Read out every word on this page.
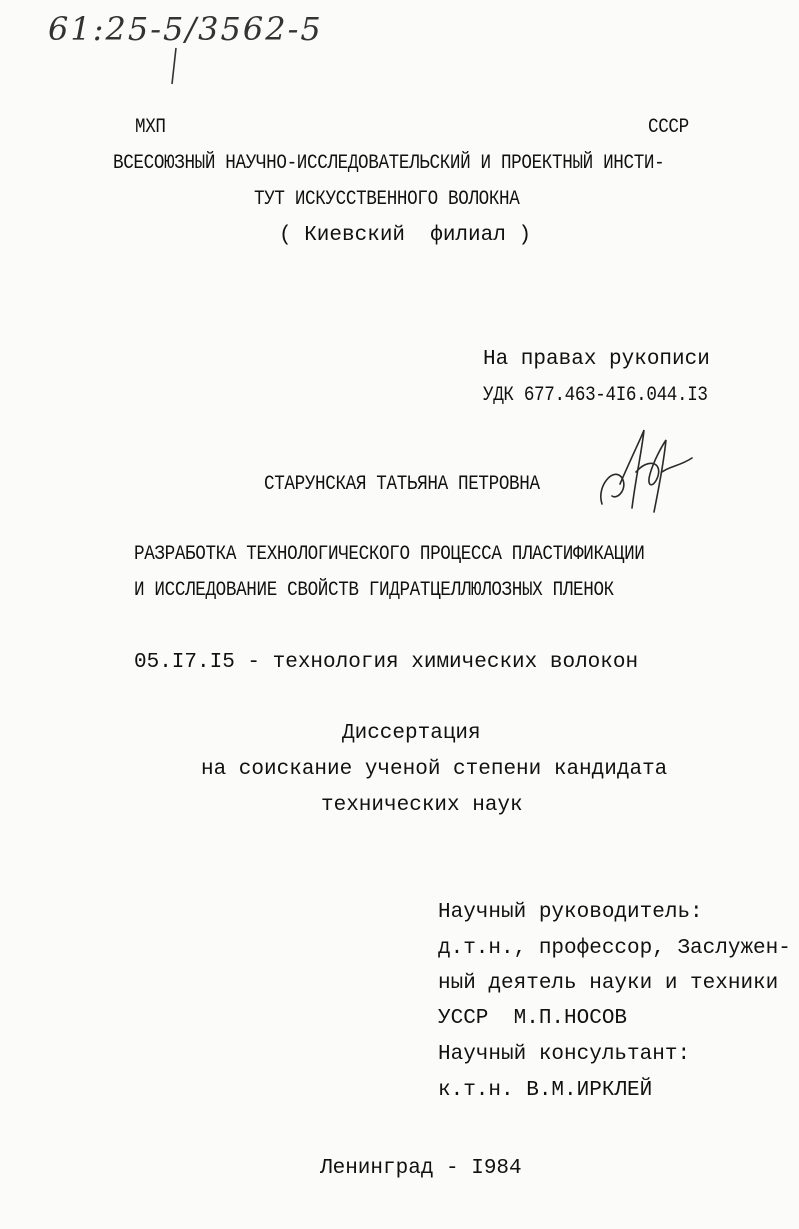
61:25-5/3562-5
МХП	СССР
ВСЕСОЮЗНЫЙ НАУЧНО-ИССЛЕДОВАТЕЛЬСКИЙ И ПРОЕКТНЫЙ ИНСТИ-
ТУТ ИСКУССТВЕННОГО ВОЛОКНА
( Киевский  филиал )
На правах рукописи
УДК 677.463-4I6.044.I3
СТАРУНСКАЯ ТАТЬЯНА ПЕТРОВНА
РАЗРАБОТКА ТЕХНОЛОГИЧЕСКОГО ПРОЦЕССА ПЛАСТИФИКАЦИИ
И ИССЛЕДОВАНИЕ СВОЙСТВ ГИДРАТЦЕЛЛЮЛОЗНЫХ ПЛЕНОК
05.I7.I5 - технология химических волокон
Диссертация
на соискание ученой степени кандидата
технических наук
Научный руководитель:
д.т.н., профессор, Заслужен-
ный деятель науки и техники
УССР  М.П.НОСОВ
Научный консультант:
к.т.н. В.М.ИРКЛЕЙ
Ленинград - I984
